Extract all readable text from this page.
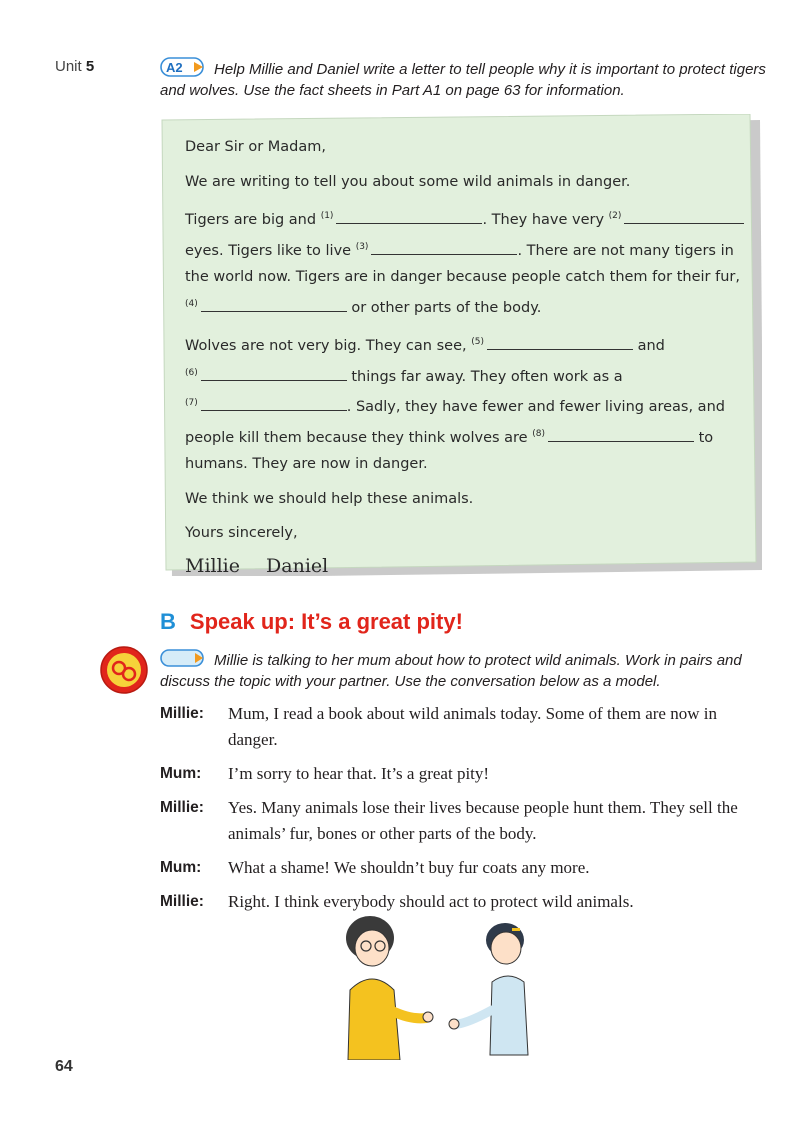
Unit 5	A2	Help Millie and Daniel write a letter to tell people why it is important to protect tigers and wolves. Use the fact sheets in Part A1 on page 63 for information.

Dear Sir or Madam,

We are writing to tell you about some wild animals in danger.

Tigers are big and $^{(1)}$	. They have very $^{(2)}$ eyes. Tigers like to live $^{(3)}$	. There are not many tigers in the world now. Tigers are in danger because people catch them for their fur, $^{(4)}$	or other parts of the body.

Wolves are not very big. They can see, $^{(5)}$	and
$^{(6)}$	things far away. They often work as a
$^{(7)}$	. Sadly, they have fewer and fewer living areas, and people kill them because they think wolves are $^{(8)}$	to humans. They are now in danger.

We think we should help these animals.

Yours sincerely,

Millie Daniel
B Speak up: It’s a great pity!
Millie is talking to her mum about how to protect wild animals. Work in pairs and discuss the topic with your partner. Use the conversation below as a model.
Millie:	Mum, I read a book about wild animals today. Some of them are now in danger.
Mum:	I’m sorry to hear that. It’s a great pity!
Millie:	Yes. Many animals lose their lives because people hunt them. They sell the animals’ fur, bones or other parts of the body.
Mum:	What a shame! We shouldn’t buy fur coats any more.
Millie:	Right. I think everybody should act to protect wild animals.
64
